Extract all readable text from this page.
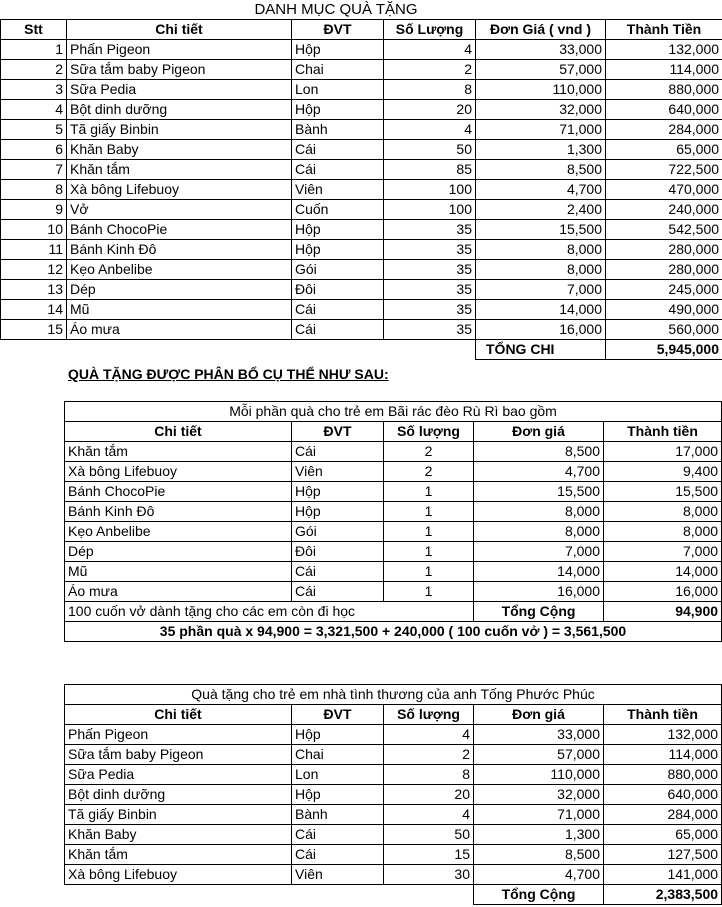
	DANH MỤC QUÀ TẶNG				
Stt	Chi tiết	ĐVT	Số Lượng	Đơn Giá ( vnd )	Thành Tiền
1	Phấn Pigeon	Hộp	4	33,000	132,000
2	Sữa tắm baby Pigeon	Chai	2	57,000	114,000
3	Sữa Pedia	Lon	8	110,000	880,000
4	Bột dinh dưỡng	Hộp	20	32,000	640,000
5	Tã giấy Binbin	Bành	4	71,000	284,000
6	Khăn Baby	Cái	50	1,300	65,000
7	Khăn tắm	Cái	85	8,500	722,500
8	Xà bông Lifebuoy	Viên	100	4,700	470,000
9	Vở	Cuốn	100	2,400	240,000
10	Bánh ChocoPie	Hộp	35	15,500	542,500
11	Bánh Kinh Đô	Hộp	35	8,000	280,000
12	Kẹo Anbelibe	Gói	35	8,000	280,000
13	Dép	Đôi	35	7,000	245,000
14	Mũ	Cái	35	14,000	490,000
15	Áo mưa	Cái	35	16,000	560,000
				TỔNG CHI	5,945,000
QUÀ TẶNG ĐƯỢC PHÂN BỔ CỤ THỂ NHƯ SAU:
Mỗi phần quà cho trẻ em Bãi rác đèo Rù Rì bao gồm				
Chi tiết	ĐVT	Số lượng	Đơn giá	Thành tiền
Khăn tắm	Cái	2	8,500	17,000
Xà bông Lifebuoy	Viên	2	4,700	9,400
Bánh ChocoPie	Hộp	1	15,500	15,500
Bánh Kinh Đô	Hộp	1	8,000	8,000
Kẹo Anbelibe	Gói	1	8,000	8,000
Dép	Đôi	1	7,000	7,000
Mũ	Cái	1	14,000	14,000
Áo mưa	Cái	1	16,000	16,000
100 cuốn vở dành tặng cho các em còn đi học			Tổng Cộng	94,900
35 phần quà x 94,900 = 3,321,500 + 240,000 ( 100 cuốn vở ) = 3,561,500				
Quà tặng cho trẻ em nhà tình thương của anh Tống Phước Phúc				
Chi tiết	ĐVT	Số lượng	Đơn giá	Thành tiền
Phấn Pigeon	Hộp	4	33,000	132,000
Sữa tắm baby Pigeon	Chai	2	57,000	114,000
Sữa Pedia	Lon	8	110,000	880,000
Bột dinh dưỡng	Hộp	20	32,000	640,000
Tã giấy Binbin	Bành	4	71,000	284,000
Khăn Baby	Cái	50	1,300	65,000
Khăn tắm	Cái	15	8,500	127,500
Xà bông Lifebuoy	Viên	30	4,700	141,000
			Tổng Cộng	2,383,500
